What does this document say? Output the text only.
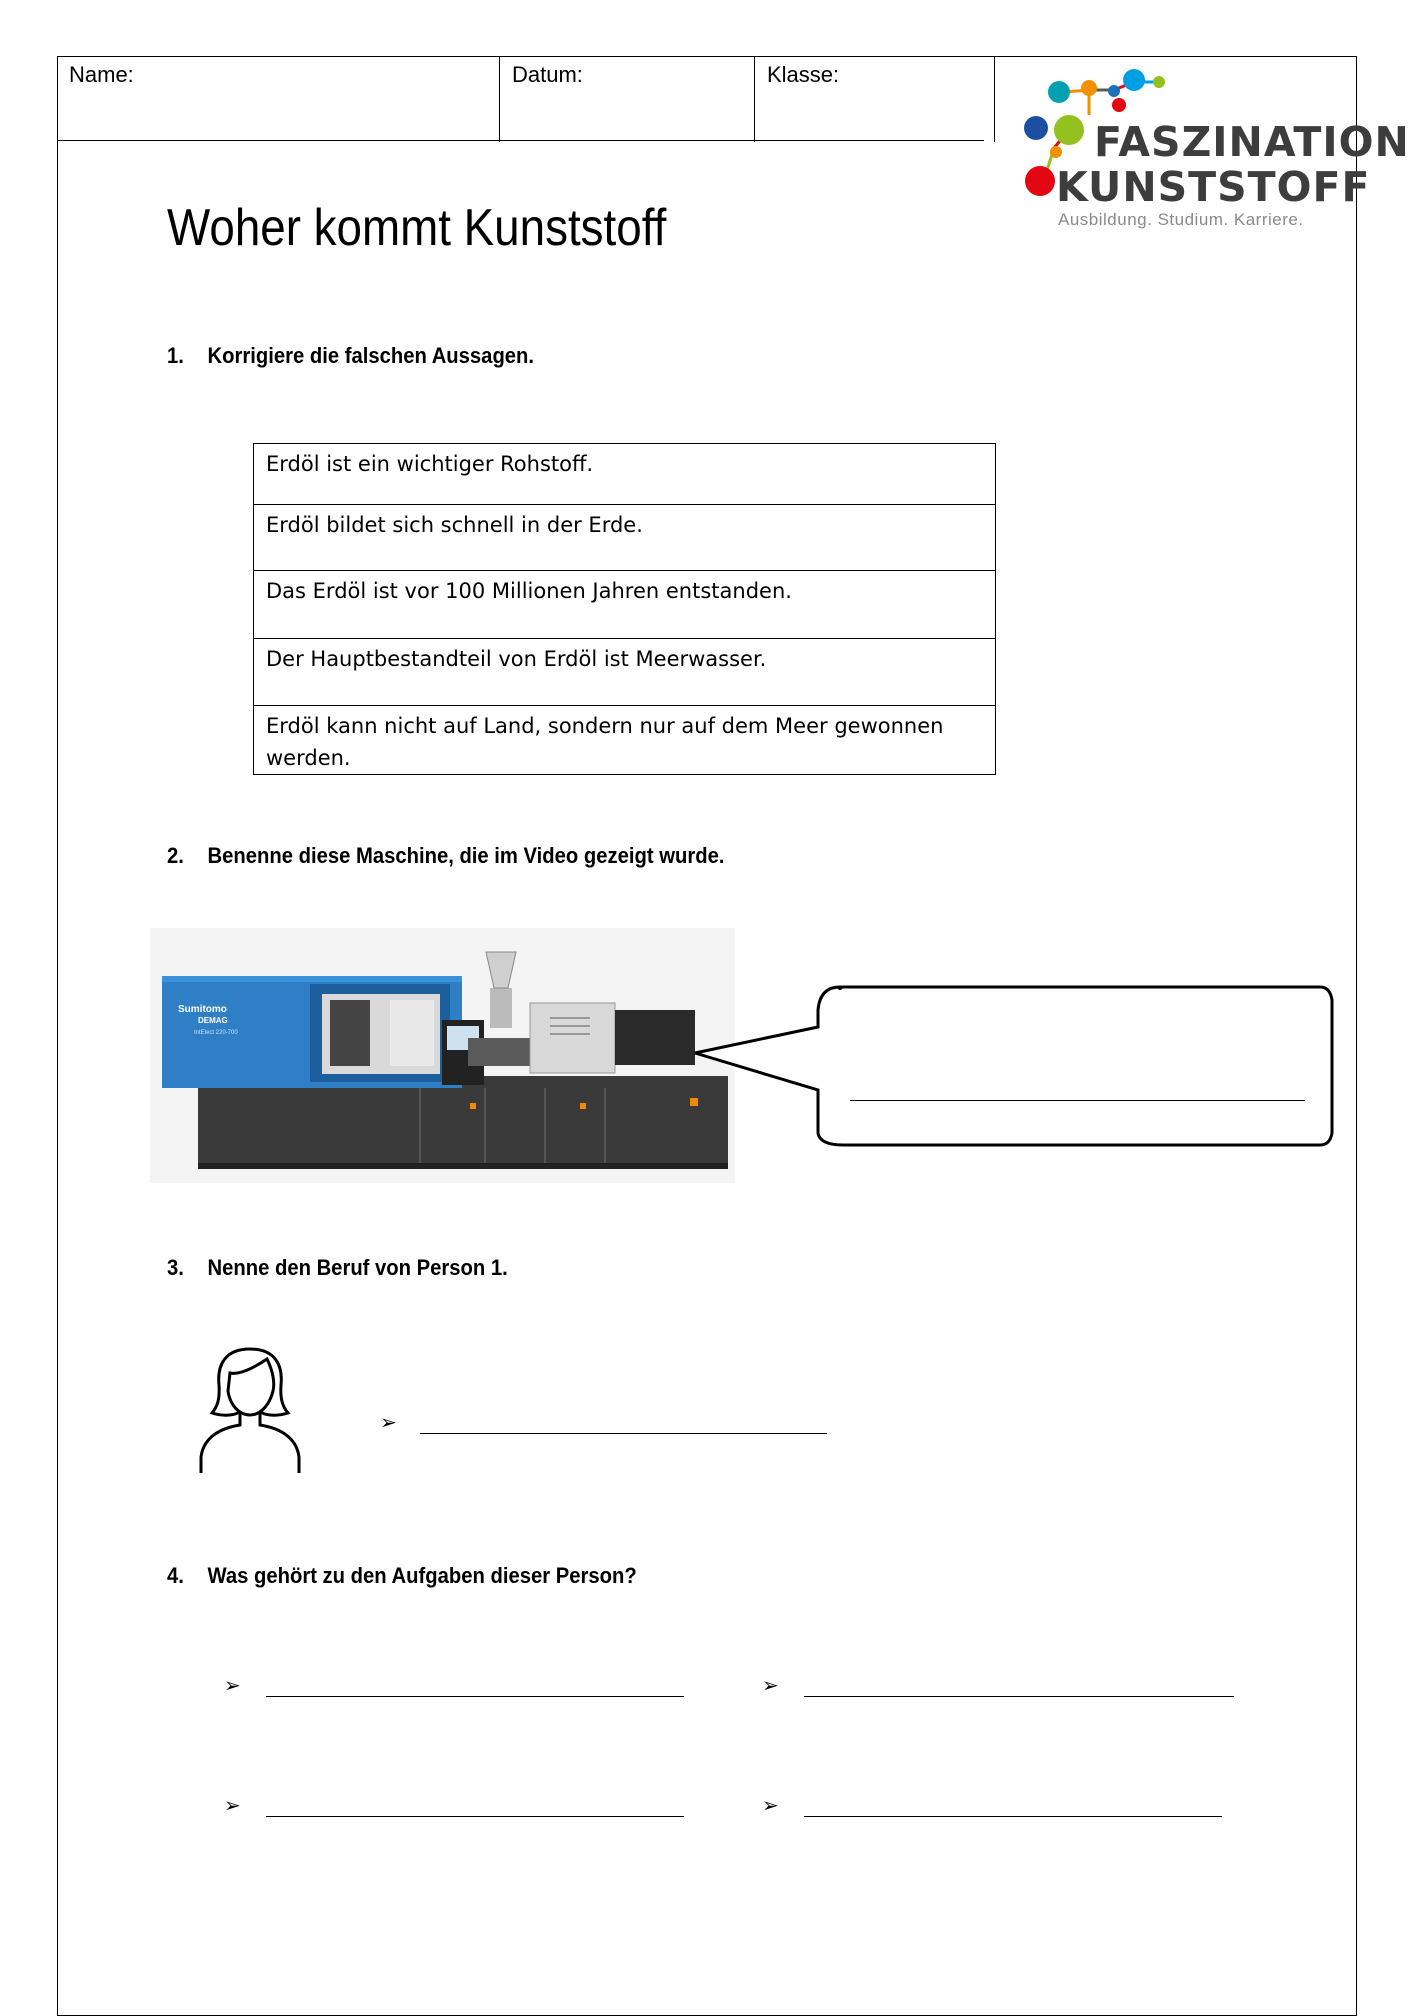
Name:	Datum:	Klasse:
FASZINATION
KUNSTSTOFF
Ausbildung. Studium. Karriere.
Woher kommt Kunststoff
1. Korrigiere die falschen Aussagen.
Erdöl ist ein wichtiger Rohstoff.
Erdöl bildet sich schnell in der Erde.
Das Erdöl ist vor 100 Millionen Jahren entstanden.
Der Hauptbestandteil von Erdöl ist Meerwasser.
Erdöl kann nicht auf Land, sondern nur auf dem Meer gewonnen werden.
2. Benenne diese Maschine, die im Video gezeigt wurde.
Sumitomo
DEMAG
IntElect 220-700
3. Nenne den Beruf von Person 1.
➢
4. Was gehört zu den Aufgaben dieser Person?
➢	➢
➢	➢
